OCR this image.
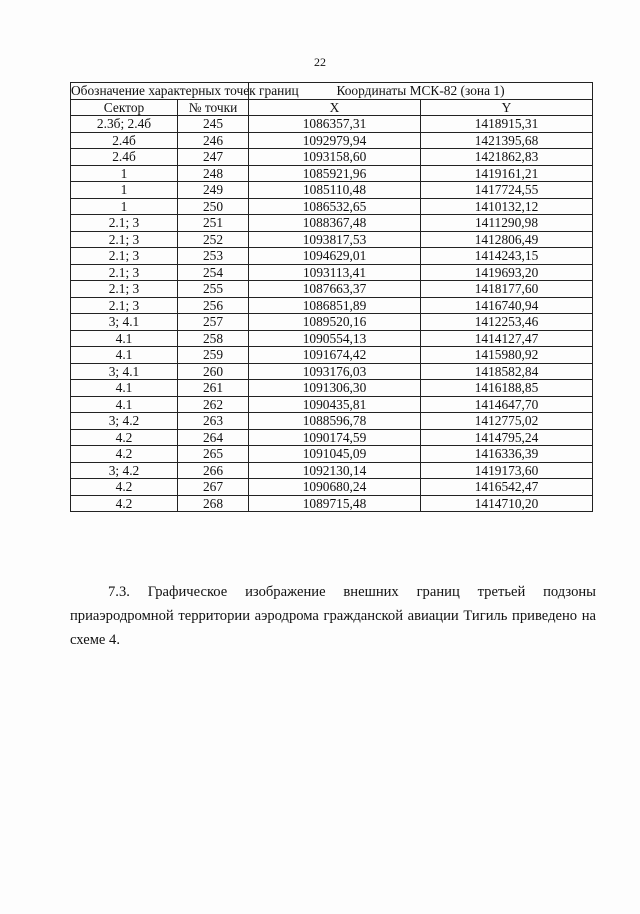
22
Обозначение характерных точек границ		Координаты МСК-82 (зона 1)	
Сектор	№ точки	X	Y
2.3б; 2.4б	245	1086357,31	1418915,31
2.4б	246	1092979,94	1421395,68
2.4б	247	1093158,60	1421862,83
1	248	1085921,96	1419161,21
1	249	1085110,48	1417724,55
1	250	1086532,65	1410132,12
2.1; 3	251	1088367,48	1411290,98
2.1; 3	252	1093817,53	1412806,49
2.1; 3	253	1094629,01	1414243,15
2.1; 3	254	1093113,41	1419693,20
2.1; 3	255	1087663,37	1418177,60
2.1; 3	256	1086851,89	1416740,94
3; 4.1	257	1089520,16	1412253,46
4.1	258	1090554,13	1414127,47
4.1	259	1091674,42	1415980,92
3; 4.1	260	1093176,03	1418582,84
4.1	261	1091306,30	1416188,85
4.1	262	1090435,81	1414647,70
3; 4.2	263	1088596,78	1412775,02
4.2	264	1090174,59	1414795,24
4.2	265	1091045,09	1416336,39
3; 4.2	266	1092130,14	1419173,60
4.2	267	1090680,24	1416542,47
4.2	268	1089715,48	1414710,20
7.3. Графическое изображение внешних границ третьей подзоны приаэродромной территории аэродрома гражданской авиации Тигиль приведено на схеме 4.
